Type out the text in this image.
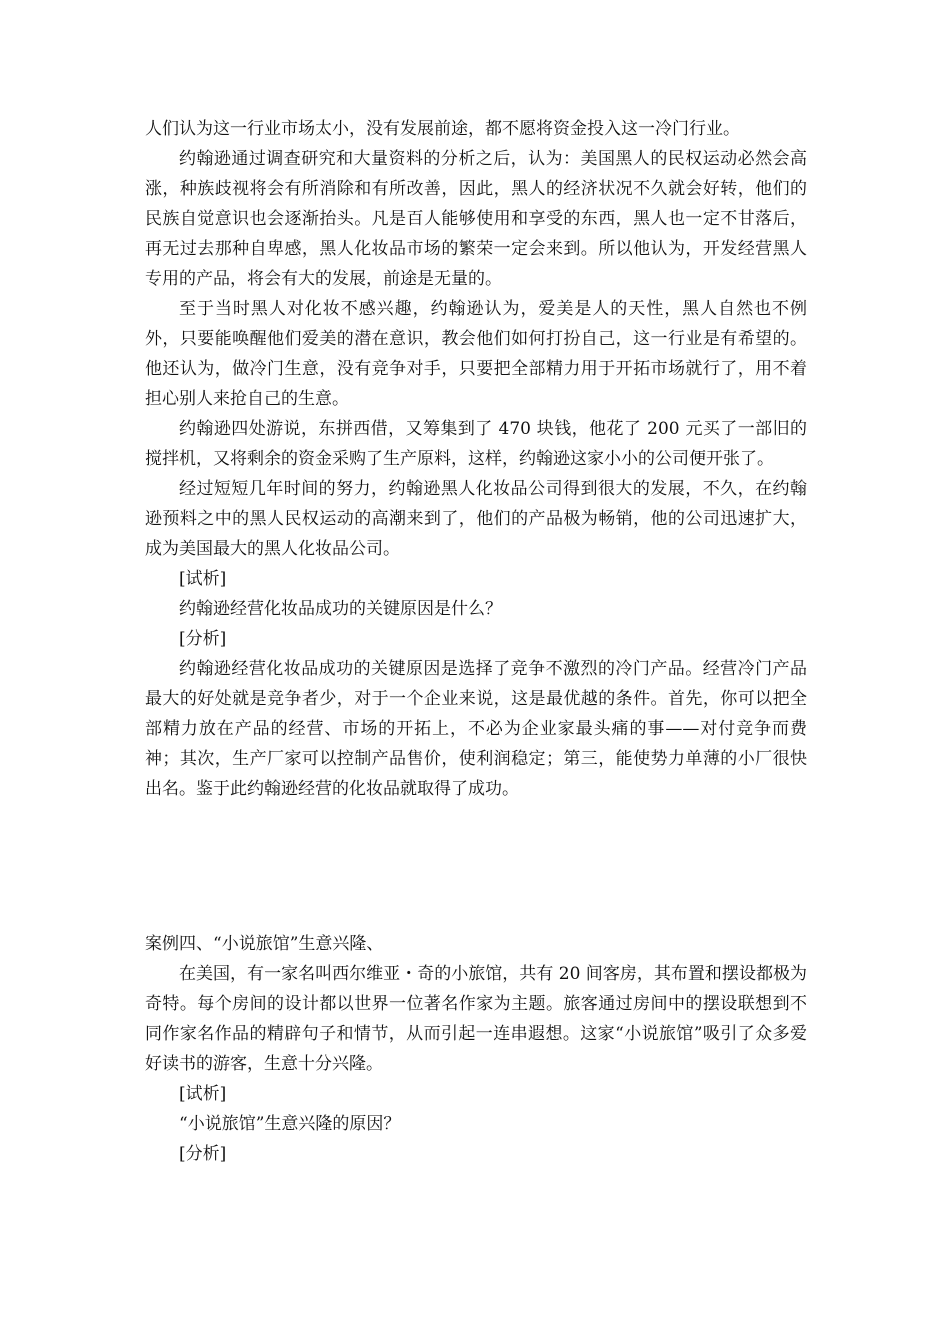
人们认为这一行业市场太小，没有发展前途，都不愿将资金投入这一冷门行业。

约翰逊通过调查研究和大量资料的分析之后，认为：美国黑人的民权运动必然会高涨，种族歧视将会有所消除和有所改善，因此，黑人的经济状况不久就会好转，他们的民族自觉意识也会逐渐抬头。凡是百人能够使用和享受的东西，黑人也一定不甘落后，再无过去那种自卑感，黑人化妆品市场的繁荣一定会来到。所以他认为，开发经营黑人专用的产品，将会有大的发展，前途是无量的。

至于当时黑人对化妆不感兴趣，约翰逊认为，爱美是人的天性，黑人自然也不例外，只要能唤醒他们爱美的潜在意识，教会他们如何打扮自己，这一行业是有希望的。他还认为，做冷门生意，没有竞争对手，只要把全部精力用于开拓市场就行了，用不着担心别人来抢自己的生意。

约翰逊四处游说，东拼西借，又筹集到了 470 块钱，他花了 200 元买了一部旧的搅拌机，又将剩余的资金采购了生产原料，这样，约翰逊这家小小的公司便开张了。

经过短短几年时间的努力，约翰逊黑人化妆品公司得到很大的发展，不久，在约翰逊预料之中的黑人民权运动的高潮来到了，他们的产品极为畅销，他的公司迅速扩大，成为美国最大的黑人化妆品公司。

[试析]

约翰逊经营化妆品成功的关键原因是什么？

[分析]

约翰逊经营化妆品成功的关键原因是选择了竞争不激烈的冷门产品。经营冷门产品最大的好处就是竞争者少，对于一个企业来说，这是最优越的条件。首先，你可以把全部精力放在产品的经营、市场的开拓上，不必为企业家最头痛的事——对付竞争而费神；其次，生产厂家可以控制产品售价，使利润稳定；第三，能使势力单薄的小厂很快出名。鉴于此约翰逊经营的化妆品就取得了成功。

案例四、“小说旅馆”生意兴隆、

在美国，有一家名叫西尔维亚・奇的小旅馆，共有 20 间客房，其布置和摆设都极为奇特。每个房间的设计都以世界一位著名作家为主题。旅客通过房间中的摆设联想到不同作家名作品的精辟句子和情节，从而引起一连串遐想。这家“小说旅馆”吸引了众多爱好读书的游客，生意十分兴隆。

[试析]

“小说旅馆”生意兴隆的原因？

[分析]
